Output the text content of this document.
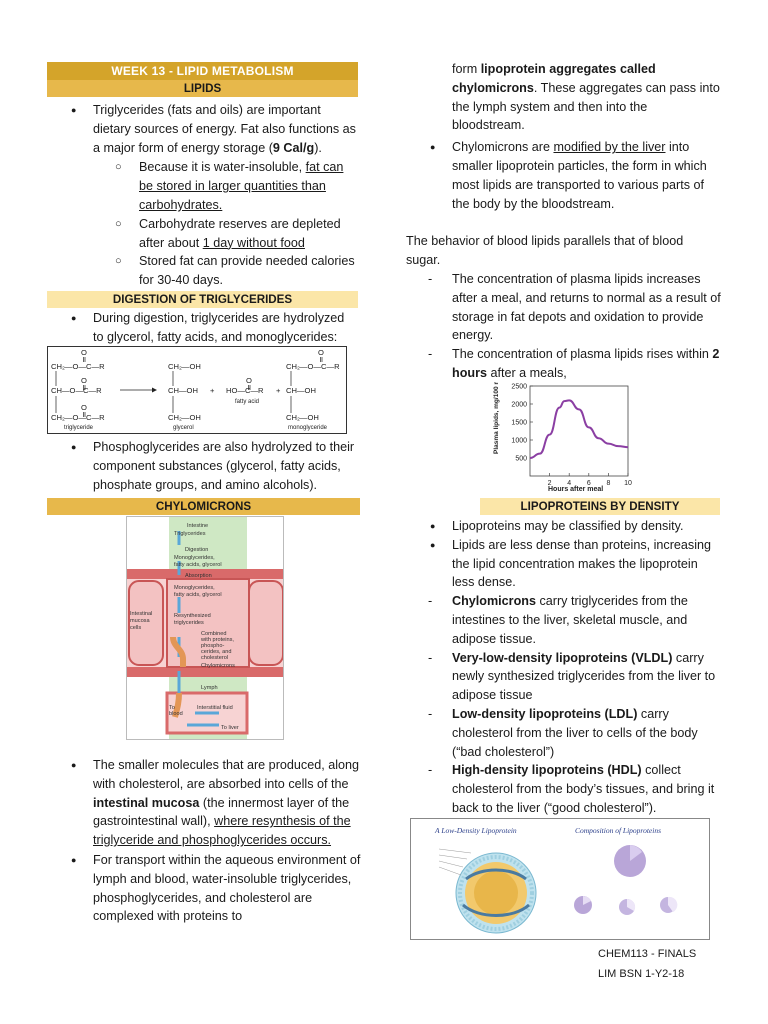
WEEK 13 - LIPID METABOLISM
LIPIDS

● Triglycerides (fats and oils) are important dietary sources of energy. Fat also functions as a major form of energy storage (9 Cal/g).

○ Because it is water-insoluble, fat can be stored in larger quantities than carbohydrates.

○ Carbohydrate reserves are depleted after about 1 day without food

○ Stored fat can provide needed calories for 30-40 days.

DIGESTION OF TRIGLYCERIDES

● During digestion, triglycerides are hydrolyzed to glycerol, fatty acids, and monoglycerides:

O
O
O
CH₂—O—C—R
CH—O—C—R
CH₂—O—C—R
triglyceride
CH₂—OH
CH—OH
CH₂—OH
glycerol
+
O
HO—C—R
fatty acid
+
O
CH₂—O—C—R
CH—OH
CH₂—OH
monoglyceride

● Phosphoglycerides are also hydrolyzed to their component substances (glycerol, fatty acids, phosphate groups, and amino alcohols).

CHYLOMICRONS
Intestine
Triglycerides
Digestion
Monoglycerides,
fatty acids, glycerol
Absorption
Monoglycerides,
fatty acids, glycerol
Intestinal
mucosa
cells
Resynthesized
triglycerides
Combined
with proteins,
phospho-
cerides, and
cholesterol
Chylomicrons
Lymph
To
blood
Interstitial fluid
To liver

● The smaller molecules that are produced, along with cholesterol, are absorbed into cells of the intestinal mucosa (the innermost layer of the gastrointestinal wall), where resynthesis of the triglyceride and phosphoglycerides occurs.

● For transport within the aqueous environment of lymph and blood, water-insoluble triglycerides, phosphoglycerides, and cholesterol are complexed with proteins to

form lipoprotein aggregates called chylomicrons. These aggregates can pass into the lymph system and then into the bloodstream.

● Chylomicrons are modified by the liver into smaller lipoprotein particles, the form in which most lipids are transported to various parts of the body by the bloodstream.

The behavior of blood lipids parallels that of blood sugar.

- The concentration of plasma lipids increases after a meal, and returns to normal as a result of storage in fat depots and oxidation to provide energy.

- The concentration of plasma lipids rises within 2 hours after a meals,

500
1000
1500
2000
2500
2 4 6 8 10
Plasma lipids, mg/100 mL
Hours after meal
LIPOPROTEINS BY DENSITY

● Lipoproteins may be classified by density.

● Lipids are less dense than proteins, increasing the lipid concentration makes the lipoprotein less dense.

- Chylomicrons carry triglycerides from the intestines to the liver, skeletal muscle, and adipose tissue.

- Very-low-density lipoproteins (VLDL) carry newly synthesized triglycerides from the liver to adipose tissue

- Low-density lipoproteins (LDL) carry cholesterol from the liver to cells of the body (“bad cholesterol”)

- High-density lipoproteins (HDL) collect cholesterol from the body’s tissues, and bring it back to the liver (“good cholesterol”).

A Low-Density Lipoprotein	Composition of Lipoproteins
CHEM113 - FINALS
LIM BSN 1-Y2-18
